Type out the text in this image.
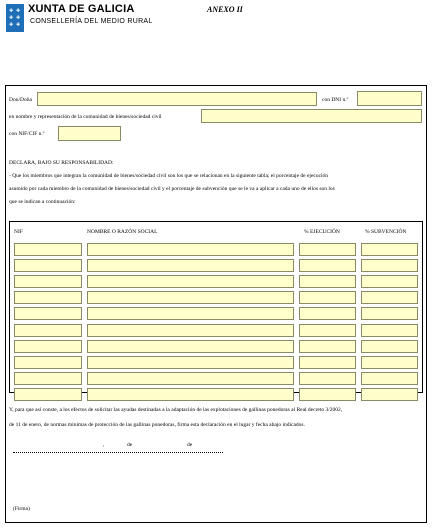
✚ ✚
✚ ✚
✚ ✚
XUNTA DE GALICIA
CONSELLERÍA DEL MEDIO RURAL
ANEXO II
Don/Doña	con DNI n.º
en nombre y representación de la comunidad de bienes/sociedad civil
con NIF/CIF n.º
DECLARA, BAJO SU RESPONSABILIDAD:
- Que los miembros que integran la comunidad de bienes/sociedad civil son los que se relacionan en la siguiente tabla; el porcentaje de ejecución
asumido por cada miembro de la comunidad de bienes/sociedad civil y el porcentaje de subvención que se le va a aplicar a cada uno de ellos son los
que se indican a continuación:
NIF	NOMBRE O RAZÓN SOCIAL	% EJECUCIÓN	% SUBVENCIÓN
Y, para que así conste, a los efectos de solicitar las ayudas destinadas a la adaptación de las explotaciones de gallinas ponedoras al Real decreto 3/2002,
de 11 de enero, de normas mínimas de protección de las gallinas ponedoras, firma esta declaración en el lugar y fecha abajo indicados.
,	de	de
(Firma)
